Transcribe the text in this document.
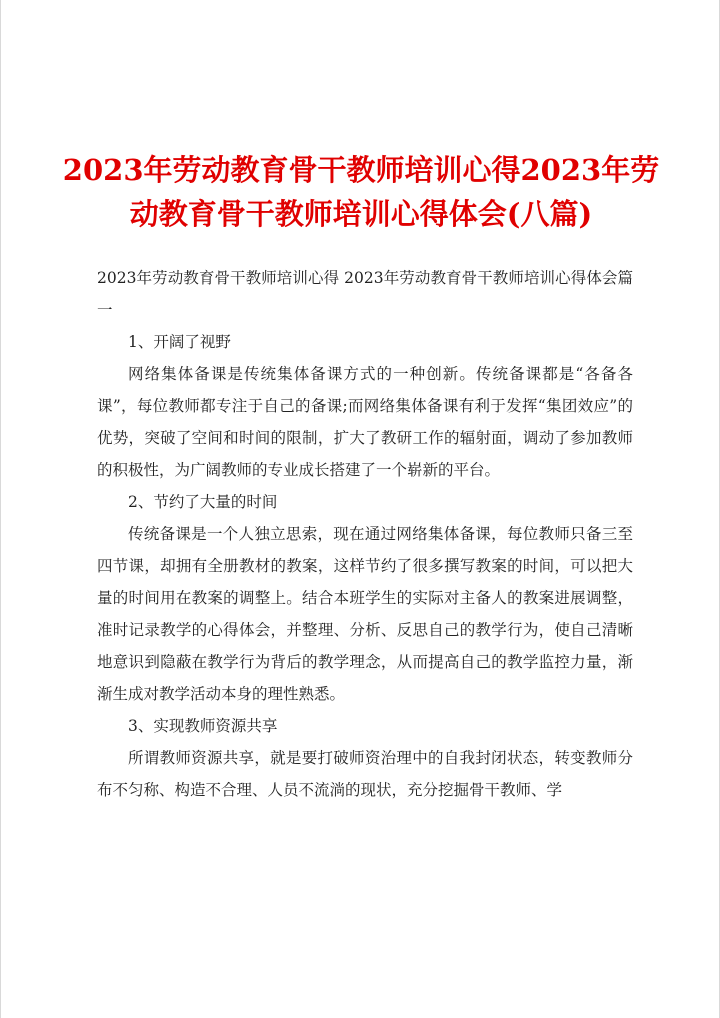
2023年劳动教育骨干教师培训心得2023年劳动教育骨干教师培训心得体会(八篇)

2023年劳动教育骨干教师培训心得 2023年劳动教育骨干教师培训心得体会篇一

1、开阔了视野

网络集体备课是传统集体备课方式的一种创新。传统备课都是“各备各课”，每位教师都专注于自己的备课;而网络集体备课有利于发挥“集团效应”的优势，突破了空间和时间的限制，扩大了教研工作的辐射面，调动了参加教师的积极性，为广阔教师的专业成长搭建了一个崭新的平台。

2、节约了大量的时间

传统备课是一个人独立思索，现在通过网络集体备课，每位教师只备三至四节课，却拥有全册教材的教案，这样节约了很多撰写教案的时间，可以把大量的时间用在教案的调整上。结合本班学生的实际对主备人的教案进展调整，准时记录教学的心得体会，并整理、分析、反思自己的教学行为，使自己清晰地意识到隐蔽在教学行为背后的教学理念，从而提高自己的教学监控力量，渐渐生成对教学活动本身的理性熟悉。

3、实现教师资源共享

所谓教师资源共享，就是要打破师资治理中的自我封闭状态，转变教师分布不匀称、构造不合理、人员不流淌的现状，充分挖掘骨干教师、学
